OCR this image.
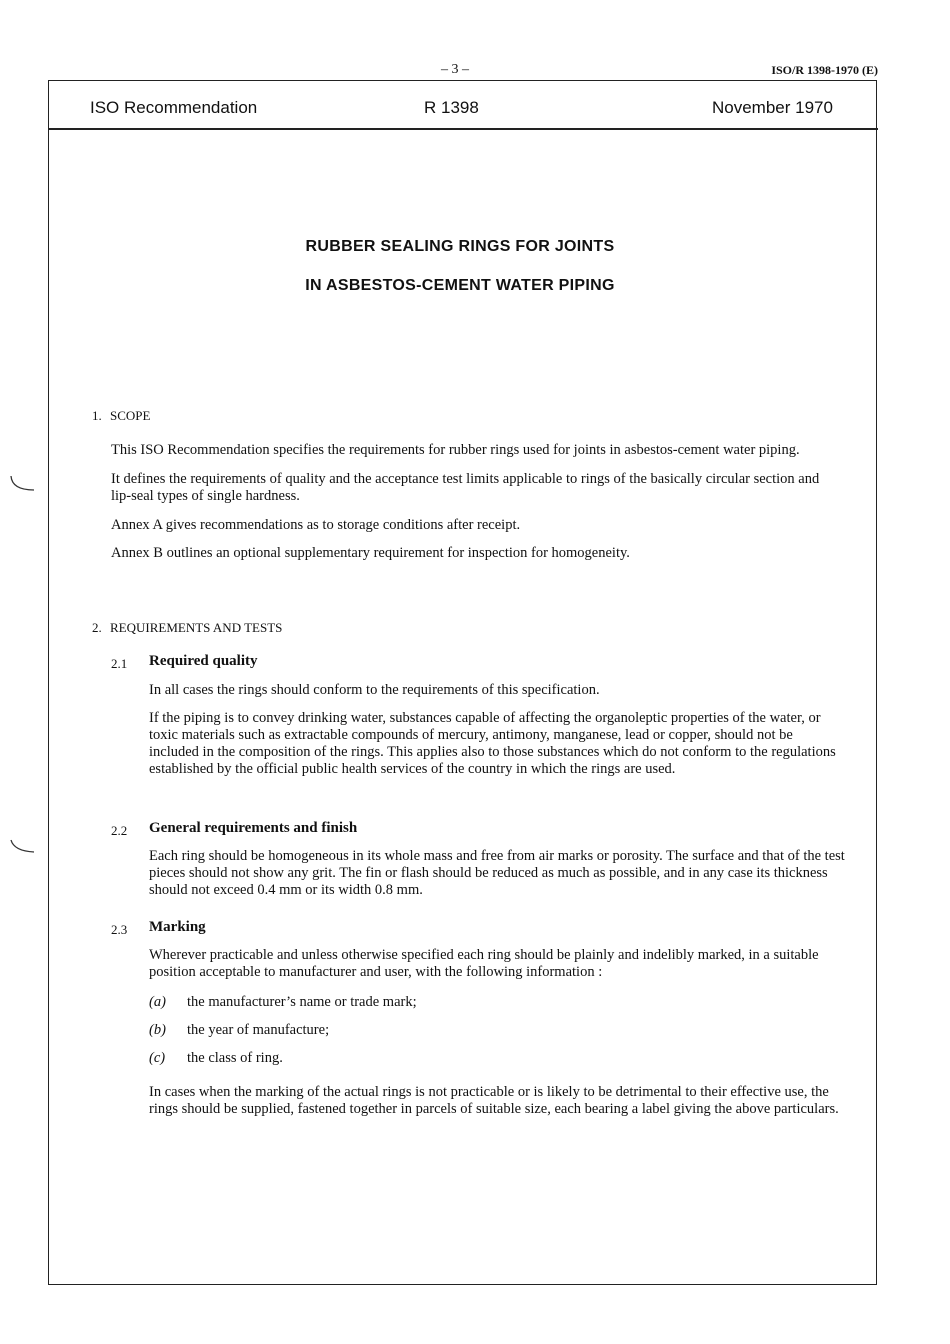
– 3 –	ISO/R 1398-1970 (E)
ISO Recommendation	R 1398	November 1970
RUBBER SEALING RINGS FOR JOINTS
IN ASBESTOS-CEMENT WATER PIPING
1. SCOPE
This ISO Recommendation specifies the requirements for rubber rings used for joints in asbestos-cement water piping.
It defines the requirements of quality and the acceptance test limits applicable to rings of the basically circular section and lip-seal types of single hardness.
Annex A gives recommendations as to storage conditions after receipt.
Annex B outlines an optional supplementary requirement for inspection for homogeneity.
2. REQUIREMENTS AND TESTS
2.1 Required quality
In all cases the rings should conform to the requirements of this specification.
If the piping is to convey drinking water, substances capable of affecting the organoleptic properties of the water, or toxic materials such as extractable compounds of mercury, antimony, manganese, lead or copper, should not be included in the composition of the rings. This applies also to those substances which do not conform to the regulations established by the official public health services of the country in which the rings are used.
2.2 General requirements and finish
Each ring should be homogeneous in its whole mass and free from air marks or porosity. The surface and that of the test pieces should not show any grit. The fin or flash should be reduced as much as possible, and in any case its thickness should not exceed 0.4 mm or its width 0.8 mm.
2.3 Marking
Wherever practicable and unless otherwise specified each ring should be plainly and indelibly marked, in a suitable position acceptable to manufacturer and user, with the following information :
(a) the manufacturer’s name or trade mark;
(b) the year of manufacture;
(c) the class of ring.
In cases when the marking of the actual rings is not practicable or is likely to be detrimental to their effective use, the rings should be supplied, fastened together in parcels of suitable size, each bearing a label giving the above particulars.
